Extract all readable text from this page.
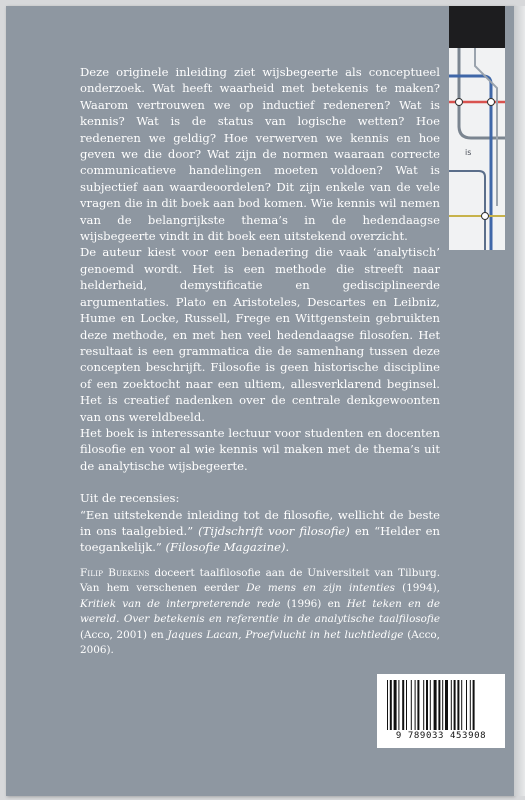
is

Deze originele inleiding ziet wijsbegeerte als conceptueel onderzoek. Wat heeft waarheid met betekenis te maken? Waarom vertrouwen we op inductief redeneren? Wat is kennis? Wat is de status van logische wetten? Hoe redeneren we geldig? Hoe verwerven we kennis en hoe geven we die door? Wat zijn de normen waaraan correcte communicatieve handelingen moeten voldoen? Wat is subjectief aan waardeoordelen? Dit zijn enkele van de vele vragen die in dit boek aan bod komen. Wie kennis wil nemen van de belangrijkste thema’s in de hedendaagse wijsbegeerte vindt in dit boek een uitstekend overzicht.

De auteur kiest voor een benadering die vaak ‘analytisch’ genoemd wordt. Het is een methode die streeft naar helderheid, demystificatie en gedisciplineerde argumentaties. Plato en Aristoteles, Descartes en Leibniz, Hume en Locke, Russell, Frege en Wittgenstein gebruikten deze methode, en met hen veel hedendaagse filosofen. Het resultaat is een grammatica die de samenhang tussen deze concepten beschrijft. Filosofie is geen historische discipline of een zoektocht naar een ultiem, allesverklarend beginsel. Het is creatief nadenken over de centrale denkgewoonten van ons wereldbeeld.

Het boek is interessante lectuur voor studenten en docenten filosofie en voor al wie kennis wil maken met de thema’s uit de analytische wijsbegeerte.

Uit de recensies:

“Een uitstekende inleiding tot de filosofie, wellicht de beste in ons taalgebied.” (Tijdschrift voor filosofie) en “Helder en toegankelijk.” (Filosofie Magazine).

Filip Buekens doceert taalfilosofie aan de Universiteit van Tilburg. Van hem verschenen eerder De mens en zijn intenties (1994), Kritiek van de interpreterende rede (1996) en Het teken en de wereld. Over betekenis en referentie in de analytische taalfilosofie (Acco, 2001) en Jaques Lacan, Proefvlucht in het luchtledige (Acco, 2006).
9 789033 453908
